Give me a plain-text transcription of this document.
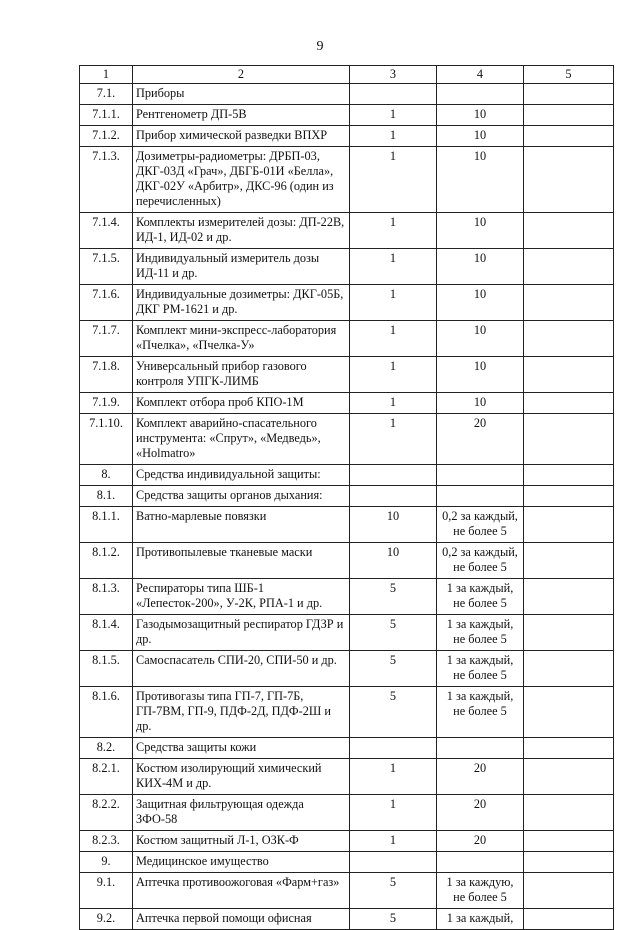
9
1	2	3	4	5
7.1.	Приборы			
7.1.1.	Рентгенометр ДП-5В	1	10	
7.1.2.	Прибор химической разведки ВПХР	1	10	
7.1.3.	Дозиметры-радиометры: ДРБП-03, ДКГ-03Д «Грач», ДБГБ-01И «Белла», ДКГ-02У «Арбитр», ДКС-96 (один из перечисленных)	1	10	
7.1.4.	Комплекты измерителей дозы: ДП-22В, ИД-1, ИД-02 и др.	1	10	
7.1.5.	Индивидуальный измеритель дозы ИД-11 и др.	1	10	
7.1.6.	Индивидуальные дозиметры: ДКГ-05Б, ДКГ РМ-1621 и др.	1	10	
7.1.7.	Комплект мини-экспресс-лаборатория «Пчелка», «Пчелка-У»	1	10	
7.1.8.	Универсальный прибор газового контроля УПГК-ЛИМБ	1	10	
7.1.9.	Комплект отбора проб КПО-1М	1	10	
7.1.10.	Комплект аварийно-спасательного инструмента: «Спрут», «Медведь», «Holmatro»	1	20	
8.	Средства индивидуальной защиты:			
8.1.	Средства защиты органов дыхания:			
8.1.1.	Ватно-марлевые повязки	10	0,2 за каждый, не более 5	
8.1.2.	Противопылевые тканевые маски	10	0,2 за каждый, не более 5	
8.1.3.	Респираторы типа ШБ-1 «Лепесток-200», У-2К, РПА-1 и др.	5	1 за каждый, не более 5	
8.1.4.	Газодымозащитный респиратор ГДЗР и др.	5	1 за каждый, не более 5	
8.1.5.	Самоспасатель СПИ-20, СПИ-50 и др.	5	1 за каждый, не более 5	
8.1.6.	Противогазы типа ГП-7, ГП-7Б, ГП-7ВМ, ГП-9, ПДФ-2Д, ПДФ-2Ш и др.	5	1 за каждый, не более 5	
8.2.	Средства защиты кожи			
8.2.1.	Костюм изолирующий химический КИХ-4М и др.	1	20	
8.2.2.	Защитная фильтрующая одежда ЗФО-58	1	20	
8.2.3.	Костюм защитный Л-1, ОЗК-Ф	1	20	
9.	Медицинское имущество			
9.1.	Аптечка противоожоговая «Фарм+газ»	5	1 за каждую, не более 5	
9.2.	Аптечка первой помощи офисная	5	1 за каждый,	
